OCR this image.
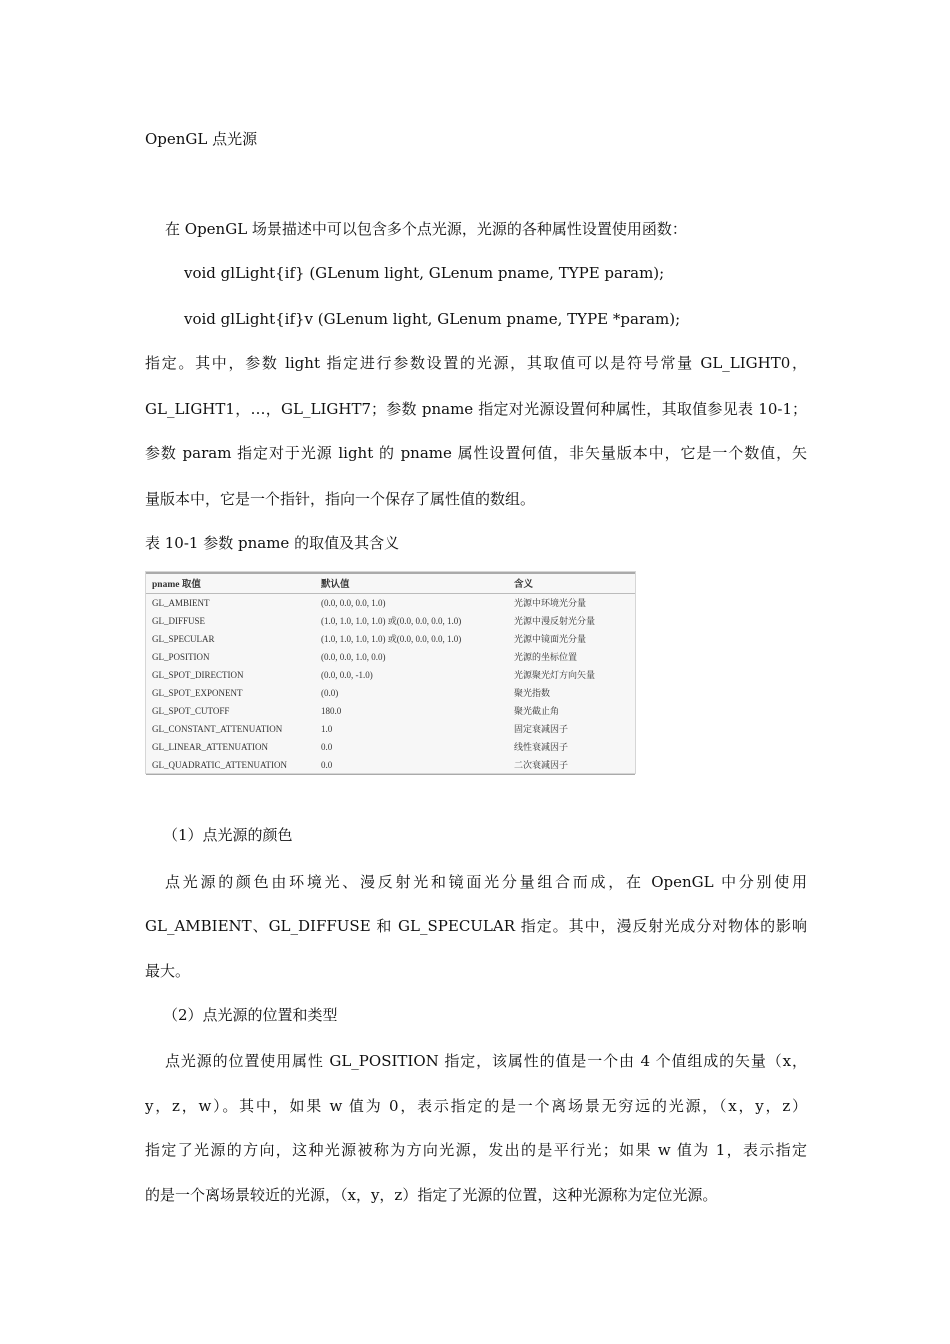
OpenGL 点光源
在 OpenGL 场景描述中可以包含多个点光源，光源的各种属性设置使用函数：
void glLight{if} (GLenum light, GLenum pname, TYPE param);
void glLight{if}v (GLenum light, GLenum pname, TYPE *param);
指定。其中，参数 light 指定进行参数设置的光源，其取值可以是符号常量 GL_LIGHT0，
GL_LIGHT1，…，GL_LIGHT7；参数 pname 指定对光源设置何种属性，其取值参见表 10-1；
参数 param 指定对于光源 light 的 pname 属性设置何值，非矢量版本中，它是一个数值，矢
量版本中，它是一个指针，指向一个保存了属性值的数组。
表 10-1 参数 pname 的取值及其含义
pname 取值	默认值	含义
GL_AMBIENT	(0.0, 0.0, 0.0, 1.0)	光源中环境光分量
GL_DIFFUSE	(1.0, 1.0, 1.0, 1.0) 或(0.0, 0.0, 0.0, 1.0)	光源中漫反射光分量
GL_SPECULAR	(1.0, 1.0, 1.0, 1.0) 或(0.0, 0.0, 0.0, 1.0)	光源中镜面光分量
GL_POSITION	(0.0, 0.0, 1.0, 0.0)	光源的坐标位置
GL_SPOT_DIRECTION	(0.0, 0.0, -1.0)	光源聚光灯方向矢量
GL_SPOT_EXPONENT	(0.0)	聚光指数
GL_SPOT_CUTOFF	180.0	聚光截止角
GL_CONSTANT_ATTENUATION	1.0	固定衰减因子
GL_LINEAR_ATTENUATION	0.0	线性衰减因子
GL_QUADRATIC_ATTENUATION	0.0	二次衰减因子
（1）点光源的颜色
点光源的颜色由环境光、漫反射光和镜面光分量组合而成，在 OpenGL 中分别使用
GL_AMBIENT、GL_DIFFUSE 和 GL_SPECULAR 指定。其中，漫反射光成分对物体的影响
最大。
（2）点光源的位置和类型
点光源的位置使用属性 GL_POSITION 指定，该属性的值是一个由 4 个值组成的矢量（x，
y，z，w）。其中，如果 w 值为 0，表示指定的是一个离场景无穷远的光源，（x，y，z）
指定了光源的方向，这种光源被称为方向光源，发出的是平行光；如果 w 值为 1，表示指定
的是一个离场景较近的光源，（x，y，z）指定了光源的位置，这种光源称为定位光源。
